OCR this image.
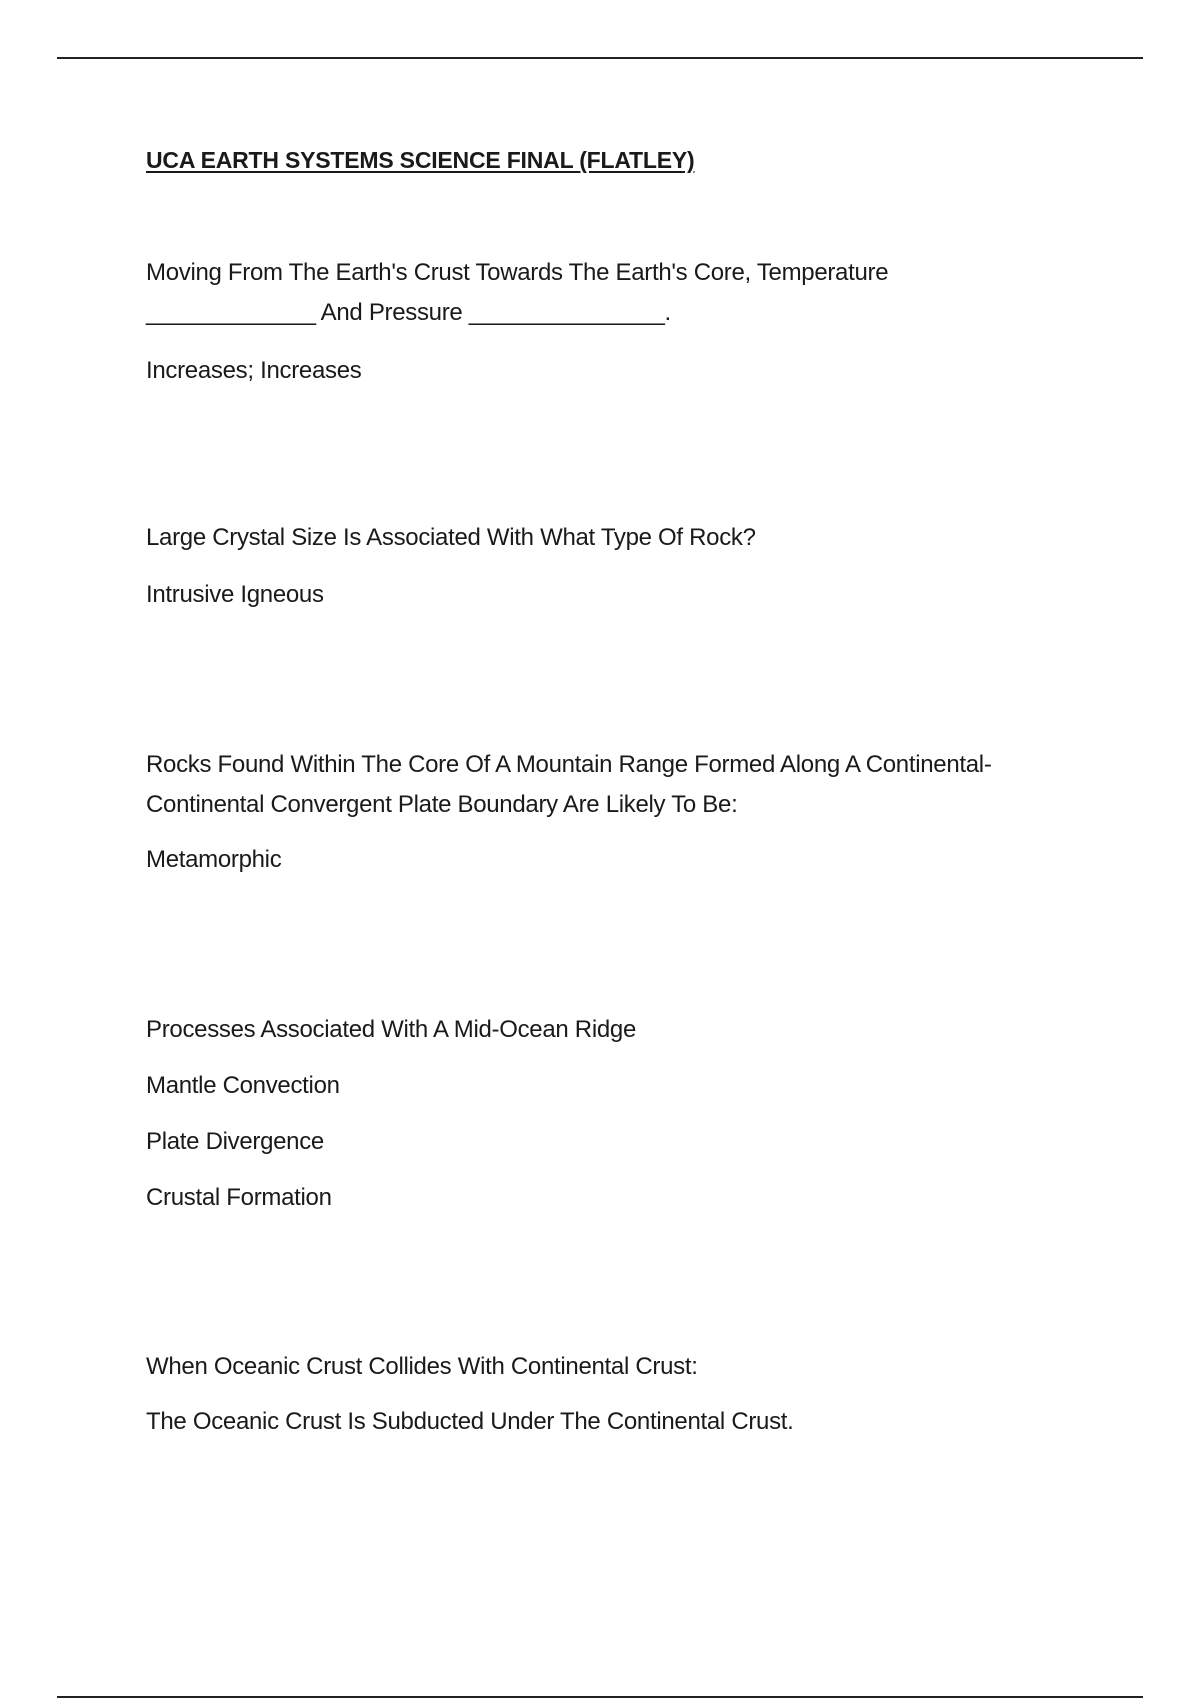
UCA EARTH SYSTEMS SCIENCE FINAL (FLATLEY)
Moving From The Earth's Crust Towards The Earth's Core, Temperature
_____________ And Pressure _______________.
Increases; Increases
Large Crystal Size Is Associated With What Type Of Rock?
Intrusive Igneous
Rocks Found Within The Core Of A Mountain Range Formed Along A Continental-
Continental Convergent Plate Boundary Are Likely To Be:
Metamorphic
Processes Associated With A Mid-Ocean Ridge
Mantle Convection
Plate Divergence
Crustal Formation
When Oceanic Crust Collides With Continental Crust:
The Oceanic Crust Is Subducted Under The Continental Crust.
